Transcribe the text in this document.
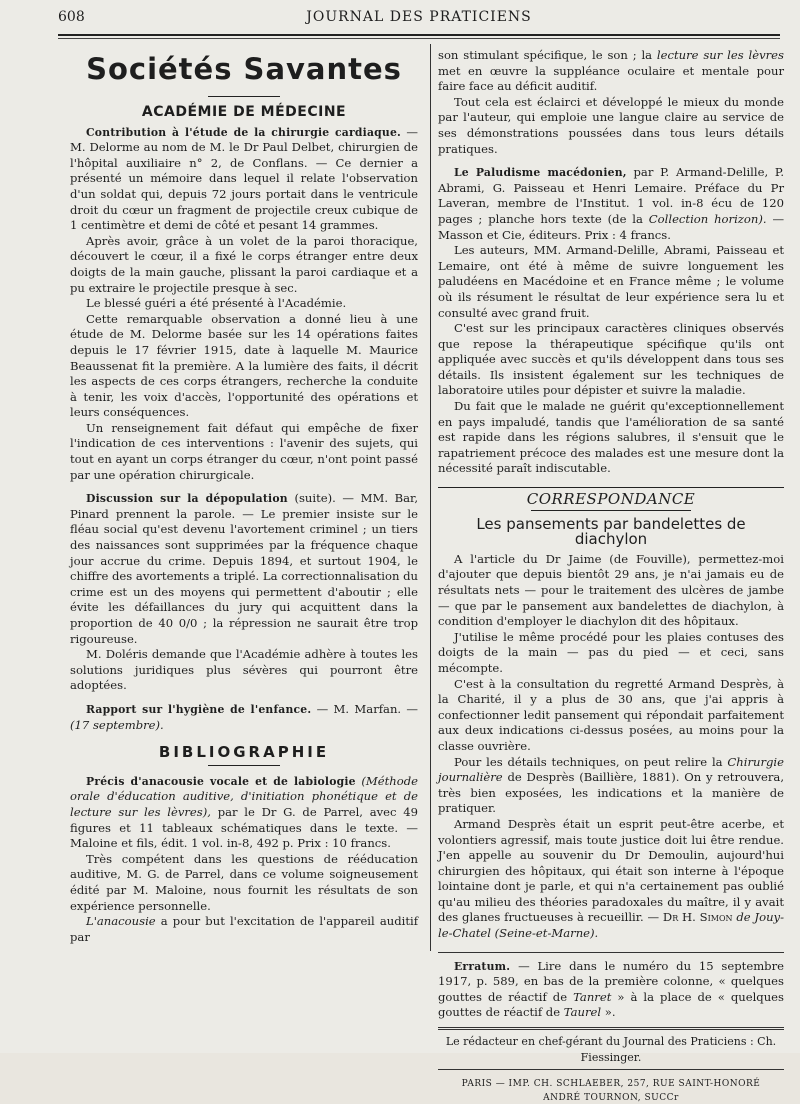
608	JOURNAL DES PRATICIENS
Sociétés Savantes
ACADÉMIE DE MÉDECINE

Contribution à l'étude de la chirurgie cardiaque. — M. Delorme au nom de M. le Dr Paul Delbet, chirurgien de l'hôpital auxiliaire n° 2, de Conflans. — Ce dernier a présenté un mémoire dans lequel il relate l'observation d'un soldat qui, depuis 72 jours portait dans le ventricule droit du cœur un fragment de projectile creux cubique de 1 centimètre et demi de côté et pesant 14 grammes.

Après avoir, grâce à un volet de la paroi thoracique, découvert le cœur, il a fixé le corps étranger entre deux doigts de la main gauche, plissant la paroi cardiaque et a pu extraire le projectile presque à sec.

Le blessé guéri a été présenté à l'Académie.

Cette remarquable observation a donné lieu à une étude de M. Delorme basée sur les 14 opérations faites depuis le 17 février 1915, date à laquelle M. Maurice Beaussenat fit la première. A la lumière des faits, il décrit les aspects de ces corps étrangers, recherche la conduite à tenir, les voix d'accès, l'opportunité des opérations et leurs conséquences.

Un renseignement fait défaut qui empêche de fixer l'indication de ces interventions : l'avenir des sujets, qui tout en ayant un corps étranger du cœur, n'ont point passé par une opération chirurgicale.

Discussion sur la dépopulation (suite). — MM. Bar, Pinard prennent la parole. — Le premier insiste sur le fléau social qu'est devenu l'avortement criminel ; un tiers des naissances sont supprimées par la fréquence chaque jour accrue du crime. Depuis 1894, et surtout 1904, le chiffre des avortements a triplé. La correctionnalisation du crime est un des moyens qui permettent d'aboutir ; elle évite les défaillances du jury qui acquittent dans la proportion de 40 0/0 ; la répression ne saurait être trop rigoureuse.

M. Doléris demande que l'Académie adhère à toutes les solutions juridiques plus sévères qui pourront être adoptées.

Rapport sur l'hygiène de l'enfance. — M. Marfan. — (17 septembre).

BIBLIOGRAPHIE

Précis d'anacousie vocale et de labiologie (Méthode orale d'éducation auditive, d'initiation phonétique et de lecture sur les lèvres), par le Dr G. de Parrel, avec 49 figures et 11 tableaux schématiques dans le texte. — Maloine et fils, édit. 1 vol. in-8, 492 p. Prix : 10 francs.

Très compétent dans les questions de rééducation auditive, M. G. de Parrel, dans ce volume soigneusement édité par M. Maloine, nous fournit les résultats de son expérience personnelle.

L'anacousie a pour but l'excitation de l'appareil auditif par

son stimulant spécifique, le son ; la lecture sur les lèvres met en œuvre la suppléance oculaire et mentale pour faire face au déficit auditif.

Tout cela est éclairci et développé le mieux du monde par l'auteur, qui emploie une langue claire au service de ses démonstrations poussées dans tous leurs détails pratiques.

Le Paludisme macédonien, par P. Armand-Delille, P. Abrami, G. Paisseau et Henri Lemaire. Préface du Pr Laveran, membre de l'Institut. 1 vol. in-8 écu de 120 pages ; planche hors texte (de la Collection horizon). — Masson et Cie, éditeurs. Prix : 4 francs.

Les auteurs, MM. Armand-Delille, Abrami, Paisseau et Lemaire, ont été à même de suivre longuement les paludéens en Macédoine et en France même ; le volume où ils résument le résultat de leur expérience sera lu et consulté avec grand fruit.

C'est sur les principaux caractères cliniques observés que repose la thérapeutique spécifique qu'ils ont appliquée avec succès et qu'ils développent dans tous ses détails. Ils insistent également sur les techniques de laboratoire utiles pour dépister et suivre la maladie.

Du fait que le malade ne guérit qu'exceptionnellement en pays impaludé, tandis que l'amélioration de sa santé est rapide dans les régions salubres, il s'ensuit que le rapatriement précoce des malades est une mesure dont la nécessité paraît indiscutable.

CORRESPONDANCE
Les pansements par bandelettes de diachylon

A l'article du Dr Jaime (de Fouville), permettez-moi d'ajouter que depuis bientôt 29 ans, je n'ai jamais eu de résultats nets — pour le traitement des ulcères de jambe — que par le pansement aux bandelettes de diachylon, à condition d'employer le diachylon dit des hôpitaux.

J'utilise le même procédé pour les plaies contuses des doigts de la main — pas du pied — et ceci, sans mécompte.

C'est à la consultation du regretté Armand Desprès, à la Charité, il y a plus de 30 ans, que j'ai appris à confectionner ledit pansement qui répondait parfaitement aux deux indications ci-dessus posées, au moins pour la classe ouvrière.

Pour les détails techniques, on peut relire la Chirurgie journalière de Desprès (Baillière, 1881). On y retrouvera, très bien exposées, les indications et la manière de pratiquer.

Armand Desprès était un esprit peut-être acerbe, et volontiers agressif, mais toute justice doit lui être rendue. J'en appelle au souvenir du Dr Demoulin, aujourd'hui chirurgien des hôpitaux, qui était son interne à l'époque lointaine dont je parle, et qui n'a certainement pas oublié qu'au milieu des théories paradoxales du maître, il y avait des glanes fructueuses à recueillir. — Dr H. Simon de Jouy-le-Chatel (Seine-et-Marne).

Erratum. — Lire dans le numéro du 15 septembre 1917, p. 589, en bas de la première colonne, « quelques gouttes de réactif de Tanret » à la place de « quelques gouttes de réactif de Taurel ».

Le rédacteur en chef-gérant du Journal des Praticiens : Ch. Fiessinger.
PARIS — IMP. CH. SCHLAEBER, 257, RUE SAINT-HONORÉ
ANDRÉ TOURNON, SUCCr
